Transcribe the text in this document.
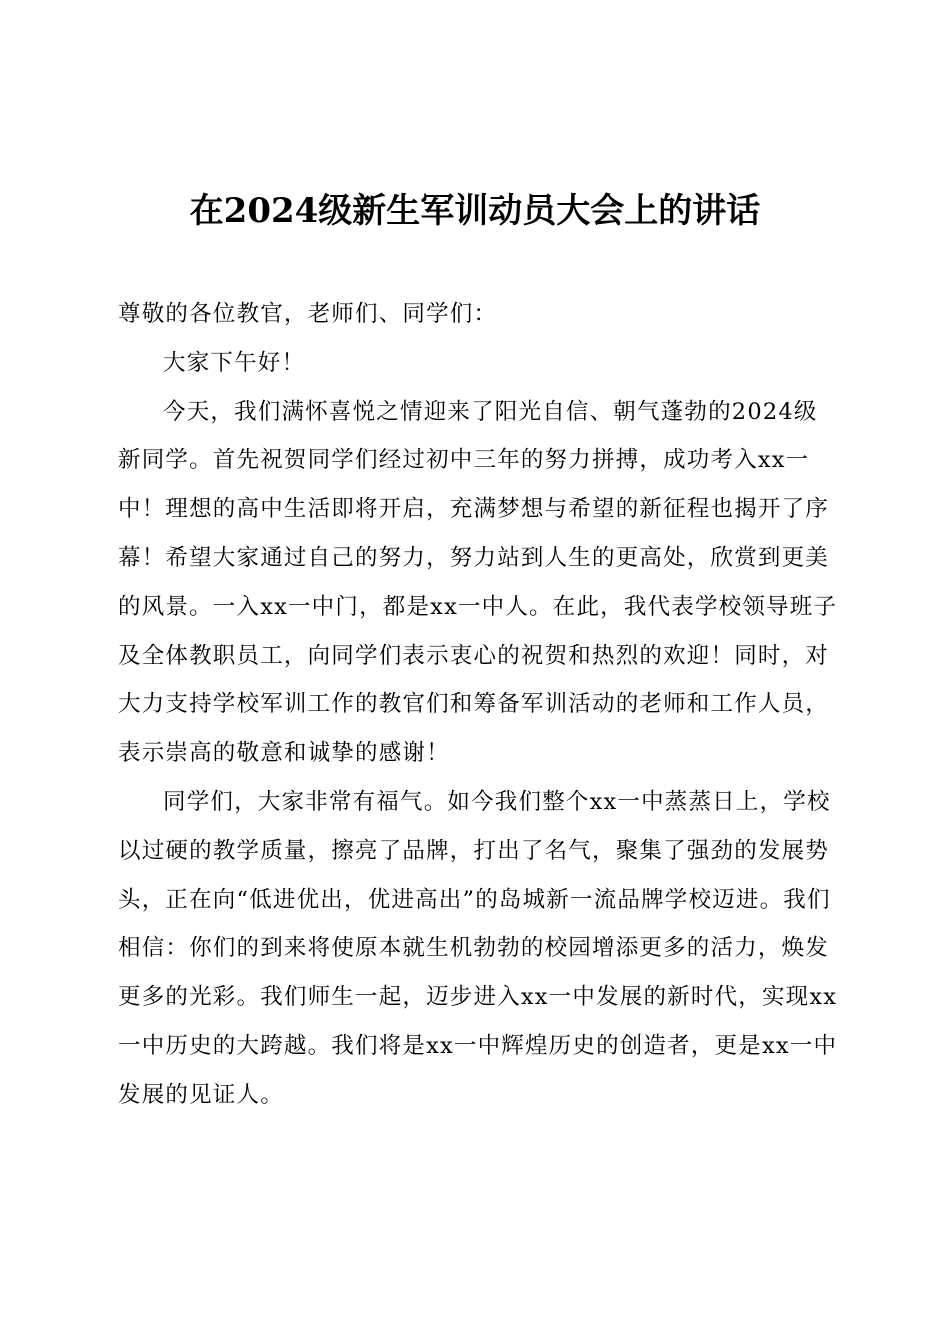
在2024级新生军训动员大会上的讲话

尊敬的各位教官，老师们、同学们：

大家下午好！

今天，我们满怀喜悦之情迎来了阳光自信、朝气蓬勃的2024级新同学。首先祝贺同学们经过初中三年的努力拼搏，成功考入xx一中！理想的高中生活即将开启，充满梦想与希望的新征程也揭开了序幕！希望大家通过自己的努力，努力站到人生的更高处，欣赏到更美的风景。一入xx一中门，都是xx一中人。在此，我代表学校领导班子及全体教职员工，向同学们表示衷心的祝贺和热烈的欢迎！同时，对大力支持学校军训工作的教官们和筹备军训活动的老师和工作人员，表示崇高的敬意和诚挚的感谢！

同学们，大家非常有福气。如今我们整个xx一中蒸蒸日上，学校以过硬的教学质量，擦亮了品牌，打出了名气，聚集了强劲的发展势头，正在向“低进优出，优进高出”的岛城新一流品牌学校迈进。我们相信：你们的到来将使原本就生机勃勃的校园增添更多的活力，焕发更多的光彩。我们师生一起，迈步进入xx一中发展的新时代，实现xx一中历史的大跨越。我们将是xx一中辉煌历史的创造者，更是xx一中发展的见证人。
